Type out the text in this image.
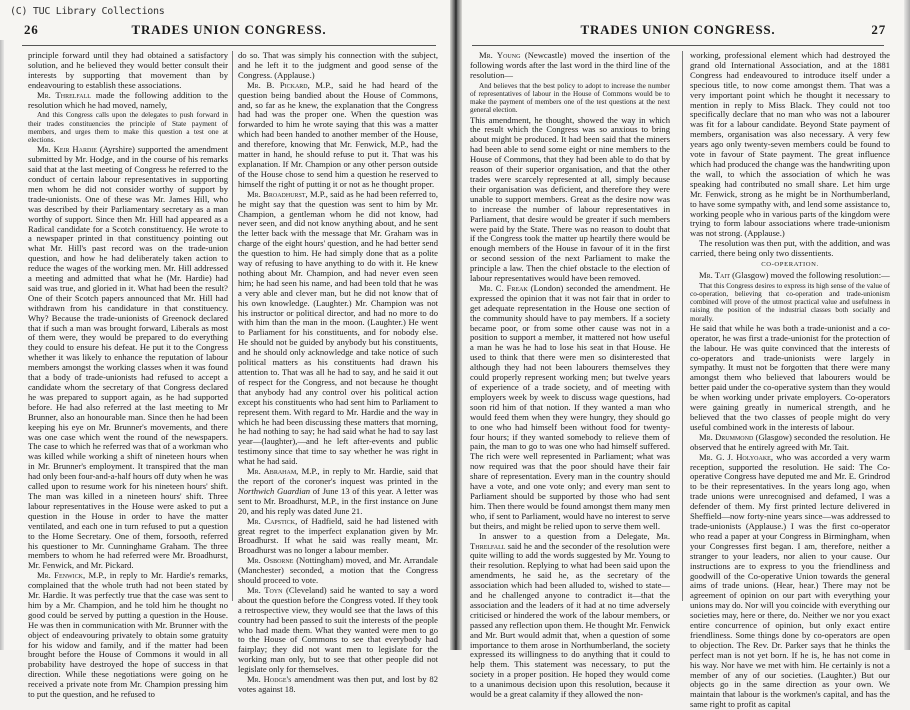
(C) TUC Library Collections
26	TRADES UNION CONGRESS.

principle forward until they had obtained a satisfactory solution, and he believed they would better consult their interests by supporting that movement than by endeavouring to establish these associations.

Mr. Threlfall made the following addition to the resolution which he had moved, namely,

And this Congress calls upon the delegates to push forward in their trades constituencies the principle of State payment of members, and urges them to make this question a test one at elections.

Mr. Keir Hardie (Ayrshire) supported the amendment submitted by Mr. Hodge, and in the course of his remarks said that at the last meeting of Congress he referred to the conduct of certain labour representatives in supporting men whom he did not consider worthy of support by trade-unionists. One of these was Mr. James Hill, who was described by their Parliamentary secretary as a man worthy of support. Since then Mr. Hill had appeared as a Radical candidate for a Scotch constituency. He wrote to a newspaper printed in that constituency pointing out what Mr. Hill's past record was on the trade-union question, and how he had deliberately taken action to reduce the wages of the working men. Mr. Hill addressed a meeting and admitted that what he (Mr. Hardie) had said was true, and gloried in it. What had been the result? One of their Scotch papers announced that Mr. Hill had withdrawn from his candidature in that constituency. Why? Because the trade-unionists of Greenock declared that if such a man was brought forward, Liberals as most of them were, they would be prepared to do everything they could to ensure his defeat. He put it to the Congress whether it was likely to enhance the reputation of labour members amongst the working classes when it was found that a body of trade-unionists had refused to accept a candidate whom the secretary of that Congress declared he was prepared to support again, as he had supported before. He had also referred at the last meeting to Mr Brunner, also an honourable man. Since then he had been keeping his eye on Mr. Brunner's movements, and there was one case which went the round of the newspapers. The case to which he referred was that of a workman who was killed while working a shift of nineteen hours when in Mr. Brunner's employment. It transpired that the man had only been four-and-a-half hours off duty when he was called upon to resume work for his nineteen hours' shift. The man was killed in a nineteen hours' shift. Three labour representatives in the House were asked to put a question in the House in order to have the matter ventilated, and each one in turn refused to put a question to the Home Secretary. One of them, forsooth, referred his questioner to Mr. Cunninghame Graham. The three members to whom he had referred were Mr. Broadhurst, Mr. Fenwick, and Mr. Pickard.

Mr. Fenwick, M.P., in reply to Mr. Hardie's remarks, complained that the whole truth had not been stated by Mr. Hardie. It was perfectly true that the case was sent to him by a Mr. Champion, and he told him he thought no good could be served by putting a question in the House. He was then in communication with Mr. Brunner with the object of endeavouring privately to obtain some gratuity for his widow and family, and if the matter had been brought before the House of Commons it would in all probability have destroyed the hope of success in that direction. While these negotiations were going on he received a private note from Mr. Champion pressing him to put the question, and he refused to

do so. That was simply his connection with the subject, and he left it to the judgment and good sense of the Congress. (Applause.)

Mr. B. Pickard, M.P., said he had heard of the question being bandied about the House of Commons, and, so far as he knew, the explanation that the Congress had had was the proper one. When the question was forwarded to him he wrote saying that this was a matter which had been handed to another member of the House, and therefore, knowing that Mr. Fenwick, M.P., had the matter in hand, he should refuse to put it. That was his explanation. If Mr. Champion or any other person outside of the House chose to send him a question he reserved to himself the right of putting it or not as he thought proper.

Mr. Broadhurst, M.P., said as he had been referred to, he might say that the question was sent to him by Mr. Champion, a gentleman whom he did not know, had never seen, and did not know anything about, and he sent the letter back with the message that Mr. Graham was in charge of the eight hours' question, and he had better send the question to him. He had simply done that as a polite way of refusing to have anything to do with it. He knew nothing about Mr. Champion, and had never even seen him; he had seen his name, and had been told that he was a very able and clever man, but he did not know that of his own knowledge. (Laughter.) Mr. Champion was not his instructor or political director, and had no more to do with him than the man in the moon. (Laughter.) He went to Parliament for his constituents, and for nobody else. He should not be guided by anybody but his constituents, and he should only acknowledge and take notice of such political matters as his constituents had drawn his attention to. That was all he had to say, and he said it out of respect for the Congress, and not because he thought that anybody had any control over his political action except his constituents who had sent him to Parliament to represent them. With regard to Mr. Hardie and the way in which he had been discussing these matters that morning, he had nothing to say; he had said what he had to say last year—(laughter),—and he left after-events and public testimony since that time to say whether he was right in what he had said.

Mr. Abraham, M.P., in reply to Mr. Hardie, said that the report of the coroner's inquest was printed in the Northwich Guardian of June 13 of this year. A letter was sent to Mr. Broadhurst, M.P., in the first instance on June 20, and his reply was dated June 21.

Mr. Capstick, of Hadfield, said he had listened with great regret to the imperfect explanation given by Mr. Broadhurst. If what he said was really meant, Mr. Broadhurst was no longer a labour member.

Mr. Osborne (Nottingham) moved, and Mr. Arrandale (Manchester) seconded, a motion that the Congress should proceed to vote.

Mr. Toyn (Cleveland) said he wanted to say a word about the question before the Congress voted. If they took a retrospective view, they would see that the laws of this country had been passed to suit the interests of the people who had made them. What they wanted were men to go to the House of Commons to see that everybody had fairplay; they did not want men to legislate for the working man only, but to see that other people did not legislate only for themselves.

Mr. Hodge's amendment was then put, and lost by 82 votes against 18.

TRADES UNION CONGRESS.	27

Mr. Young (Newcastle) moved the insertion of the following words after the last word in the third line of the resolution—

And believes that the best policy to adopt to increase the number of representatives of labour in the House of Commons would be to make the payment of members one of the test questions at the next general election.

This amendment, he thought, showed the way in which the result which the Congress was so anxious to bring about might be produced. It had been said that the miners had been able to send some eight or nine members to the House of Commons, that they had been able to do that by reason of their superior organisation, and that the other trades were scarcely represented at all, simply because their organisation was deficient, and therefore they were unable to support members. Great as the desire now was to increase the number of labour representatives in Parliament, that desire would be greater if such members were paid by the State. There was no reason to doubt that if the Congress took the matter up heartily there would be enough members of the House in favour of it in the first or second session of the next Parliament to make the principle a law. Then the chief obstacle to the election of labour representatives would have been removed.

Mr. C. Freak (London) seconded the amendment. He expressed the opinion that it was not fair that in order to get adequate representation in the House one section of the community should have to pay members. If a society became poor, or from some other cause was not in a position to support a member, it mattered not how useful a man he was he had to lose his seat in that House. He used to think that there were men so disinterested that although they had not been labourers themselves they could properly represent working men; but twelve years of experience of a trade society, and of meeting with employers week by week to discuss wage questions, had soon rid him of that notion. If they wanted a man who would feed them when they were hungry, they should go to one who had himself been without food for twenty-four hours; if they wanted somebody to relieve them of pain, the man to go to was one who had himself suffered. The rich were well represented in Parliament; what was now required was that the poor should have their fair share of representation. Every man in the country should have a vote, and one vote only; and every man sent to Parliament should be supported by those who had sent him. Then there would be found amongst them many men who, if sent to Parliament, would have no interest to serve but theirs, and might be relied upon to serve them well.

In answer to a question from a Delegate, Mr. Threlfall said he and the seconder of the resolution were quite willing to add the words suggested by Mr. Young to their resolution. Replying to what had been said upon the amendments, he said he, as the secretary of the association which had been alluded to, wished to state—and he challenged anyone to contradict it—that the association and the leaders of it had at no time adversely criticised or hindered the work of the labour members, or passed any reflection upon them. He thought Mr. Fenwick and Mr. Burt would admit that, when a question of some importance to them arose in Northumberland, the society expressed its willingness to do anything that it could to help them. This statement was necessary, to put the society in a proper position. He hoped they would come to a unanimous decision upon this resolution, because it would be a great calamity if they allowed the non-

working, professional element which had destroyed the grand old International Association, and at the 1881 Congress had endeavoured to introduce itself under a specious title, to now come amongst them. That was a very important point which he thought it necessary to mention in reply to Miss Black. They could not too specifically declare that no man who was not a labourer was fit for a labour candidate. Beyond State payment of members, organisation was also necessary. A very few years ago only twenty-seven members could be found to vote in favour of State payment. The great influence which had produced the change was the handwriting upon the wall, to which the association of which he was speaking had contributed no small share. Let him urge Mr. Fenwick, strong as he might be in Northumberland, to have some sympathy with, and lend some assistance to, working people who in various parts of the kingdom were trying to form labour associations where trade-unionism was not strong. (Applause.)

The resolution was then put, with the addition, and was carried, there being only two dissentients.

CO-OPERATION.

Mr. Tait (Glasgow) moved the following resolution:—

That this Congress desires to express its high sense of the value of co-operation, believing that co-operation and trade-unionism combined will prove of the utmost practical value and usefulness in raising the position of the industrial classes both socially and morally.

He said that while he was both a trade-unionist and a co-operator, he was first a trade-unionist for the protection of the labour. He was quite convinced that the interests of co-operators and trade-unionists were largely in sympathy. It must not be forgotten that there were many amongst them who believed that labourers would be better paid under the co-operative system than they would be when working under private employers. Co-operators were gaining greatly in numerical strength, and he believed that the two classes of people might do very useful combined work in the interests of labour.

Mr. Drummond (Glasgow) seconded the resolution. He observed that he entirely agreed with Mr. Tait.

Mr. G. J. Holyoake, who was accorded a very warm reception, supported the resolution. He said: The Co-operative Congress have deputed me and Mr. E. Grindrod to be their representatives. In the years long ago, when trade unions were unrecognised and defamed, I was a defender of them. My first printed lecture delivered in Sheffield—now forty-nine years since—was addressed to trade-unionists (Applause.) I was the first co-operator who read a paper at your Congress in Birmingham, when your Congresses first began. I am, therefore, neither a stranger to your leaders, nor alien to your cause. Our instructions are to express to you the friendliness and goodwill of the Co-operative Union towards the general aims of trade unions. (Hear, hear.) There may not be agreement of opinion on our part with everything your unions may do. Nor will you coincide with everything our societies may, here or there, do. Neither we nor you exact entire concurrence of opinion, but only exact entire friendliness. Some things done by co-operators are open to objection. The Rev. Dr. Parker says that he thinks the perfect man is not yet born. If he is, he has not come in his way. Nor have we met with him. He certainly is not a member of any of our societies. (Laughter.) But our objects go in the same direction as your own. We maintain that labour is the workmen's capital, and has the same right to profit as capital
